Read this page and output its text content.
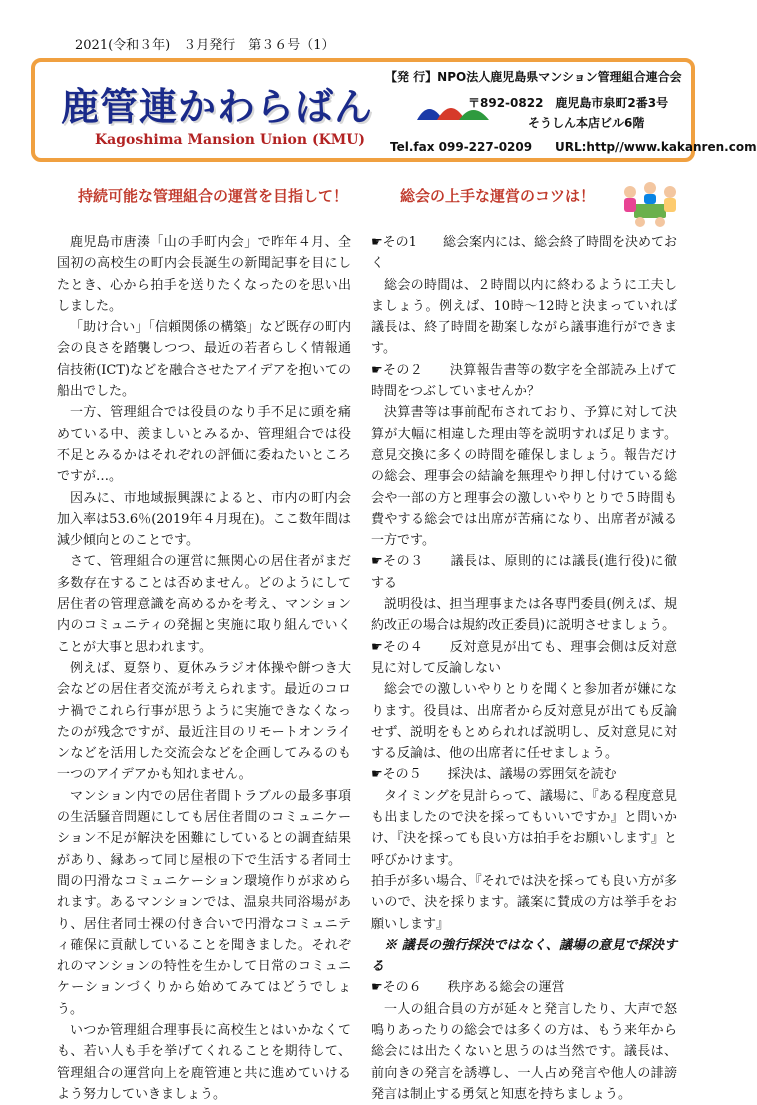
2021(令和３年)　３月発行　第３６号（1）
鹿管連かわらばん
Kagoshima Mansion Union (KMU)
【発 行】NPO法人鹿児島県マンション管理組合連合会
〒892-0822　鹿児島市泉町2番3号
そうしん本店ビル6階
Tel.fax 099-227-0209 URL:http//www.kakanren.com
持続可能な管理組合の運営を目指して！	総会の上手な運営のコツは！

鹿児島市唐湊「山の手町内会」で昨年４月、全国初の高校生の町内会長誕生の新聞記事を目にしたとき、心から拍手を送りたくなったのを思い出しました。

「助け合い」「信頼関係の構築」など既存の町内会の良さを踏襲しつつ、最近の若者らしく情報通信技術(ICT)などを融合させたアイデアを抱いての船出でした。

一方、管理組合では役員のなり手不足に頭を痛めている中、羨ましいとみるか、管理組合では役不足とみるかはそれぞれの評価に委ねたいところですが…。

因みに、市地域振興課によると、市内の町内会加入率は53.6％(2019年４月現在)。ここ数年間は減少傾向とのことです。

さて、管理組合の運営に無関心の居住者がまだ多数存在することは否めません。どのようにして居住者の管理意識を高めるかを考え、マンション内のコミュニティの発掘と実施に取り組んでいくことが大事と思われます。

例えば、夏祭り、夏休みラジオ体操や餅つき大会などの居住者交流が考えられます。最近のコロナ禍でこれら行事が思うように実施できなくなったのが残念ですが、最近注目のリモートオンラインなどを活用した交流会などを企画してみるのも一つのアイデアかも知れません。

マンション内での居住者間トラブルの最多事項の生活騒音問題にしても居住者間のコミュニケーション不足が解決を困難にしているとの調査結果があり、縁あって同じ屋根の下で生活する者同士間の円滑なコミュニケーション環境作りが求められます。あるマンションでは、温泉共同浴場があり、居住者同士裸の付き合いで円滑なコミュニティ確保に貢献していることを聞きました。それぞれのマンションの特性を生かして日常のコミュニケーションづくりから始めてみてはどうでしょう。

いつか管理組合理事長に高校生とはいかなくても、若い人も手を挙げてくれることを期待して、管理組合の運営向上を鹿管連と共に進めていけるよう努力していきましょう。

☛その1　　総会案内には、総会終了時間を決めておく

総会の時間は、２時間以内に終わるように工夫しましょう。例えば、10時～12時と決まっていれば議長は、終了時間を勘案しながら議事進行ができます。

☛その２　　決算報告書等の数字を全部読み上げて時間をつぶしていませんか？

決算書等は事前配布されており、予算に対して決算が大幅に相違した理由等を説明すれば足ります。意見交換に多くの時間を確保しましょう。報告だけの総会、理事会の結論を無理やり押し付けている総会や一部の方と理事会の激しいやりとりで５時間も費やする総会では出席が苦痛になり、出席者が減る一方です。

☛その３　　議長は、原則的には議長(進行役)に徹する

説明役は、担当理事または各専門委員(例えば、規約改正の場合は規約改正委員)に説明させましょう。

☛その４　　反対意見が出ても、理事会側は反対意見に対して反論しない

総会での激しいやりとりを聞くと参加者が嫌になります。役員は、出席者から反対意見が出ても反論せず、説明をもとめられれば説明し、反対意見に対する反論は、他の出席者に任せましょう。

☛その５　　採決は、議場の雰囲気を読む

タイミングを見計らって、議場に、『ある程度意見も出ましたので決を採ってもいいですか』と問いかけ、『決を採っても良い方は拍手をお願いします』と呼びかけます。

拍手が多い場合、『それでは決を採っても良い方が多いので、決を採ります。議案に賛成の方は挙手をお願いします』

※ 議長の強行採決ではなく、議場の意見で採決する

☛その６　　秩序ある総会の運営

一人の組合員の方が延々と発言したり、大声で怒鳴りあったりの総会では多くの方は、もう来年から総会には出たくないと思うのは当然です。議長は、前向きの発言を誘導し、一人占め発言や他人の誹謗発言は制止する勇気と知恵を持ちましょう。
